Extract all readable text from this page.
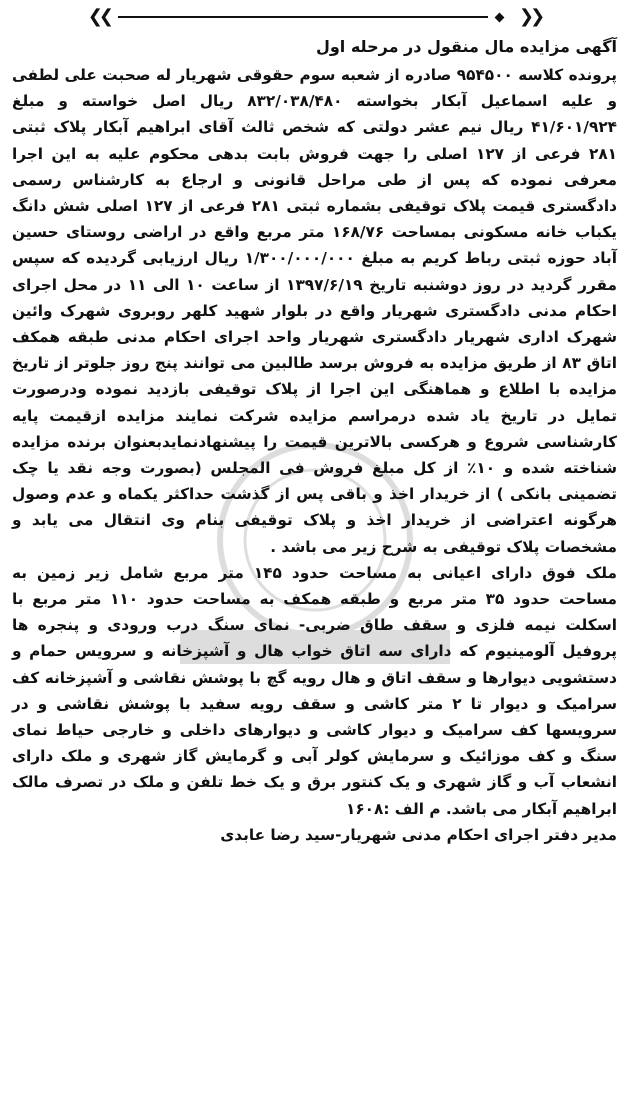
❮❮	❯❯

آگهی مزایده مال منقول در مرحله اول

پرونده کلاسه ۹۵۴۵۰۰ صادره از شعبه سوم حقوقی شهریار له صحبت علی لطفی و علیه اسماعیل آبکار بخواسته ۸۳۲/۰۳۸/۴۸۰ ریال اصل خواسته و مبلغ ۴۱/۶۰۱/۹۲۴ ریال نیم عشر دولتی که شخص ثالث آقای ابراهیم آبکار پلاک ثبتی ۲۸۱ فرعی از ۱۲۷ اصلی را جهت فروش بابت بدهی محکوم علیه به این اجرا معرفی نموده که پس از طی مراحل قانونی و ارجاع به کارشناس رسمی دادگستری قیمت پلاک توقیفی بشماره ثبتی ۲۸۱ فرعی از ۱۲۷ اصلی شش دانگ یکباب خانه مسکونی بمساحت ۱۶۸/۷۶ متر مربع واقع در اراضی روستای حسین آباد حوزه ثبتی رباط کریم به مبلغ ۱/۳۰۰/۰۰۰/۰۰۰ ریال ارزیابی گردیده که سپس مقرر گردید در روز دوشنبه تاریخ ۱۳۹۷/۶/۱۹ از ساعت ۱۰ الی ۱۱ در محل اجرای احکام مدنی دادگستری شهریار واقع در بلوار شهید کلهر روبروی شهرک وائین شهرک اداری شهریار دادگستری شهریار واحد اجرای احکام مدنی طبقه همکف اتاق ۸۳ از طریق مزایده به فروش برسد طالبین می توانند پنج روز جلوتر از تاریخ مزایده با اطلاع و هماهنگی این اجرا از پلاک توقیفی بازدید نموده ودرصورت تمایل در تاریخ یاد شده درمراسم مزایده شرکت نمایند مزایده ازقیمت پایه کارشناسی شروع و هرکسی بالاترین قیمت را پیشنهادنمایدبعنوان برنده مزایده شناخته شده و ۱۰٪ از کل مبلغ فروش فی المجلس (بصورت وجه نقد یا چک تضمینی بانکی ) از خریدار اخذ و باقی پس از گذشت حداکثر یکماه و عدم وصول هرگونه اعتراضی از خریدار اخذ و پلاک توقیفی بنام وی انتقال می یابد و مشخصات پلاک توقیفی به شرح زیر می باشد .

ملک فوق دارای اعیانی به مساحت حدود ۱۴۵ متر مربع شامل زیر زمین به مساحت حدود ۳۵ متر مربع و طبقه همکف به مساحت حدود ۱۱۰ متر مربع با اسکلت نیمه فلزی و سقف طاق ضربی- نمای سنگ درب ورودی و پنجره ها پروفیل آلومینیوم که دارای سه اتاق خواب هال و آشپزخانه و سرویس حمام و دستشویی دیوارها و سقف اتاق و هال رویه گچ با پوشش نقاشی و آشپزخانه کف سرامیک و دیوار تا ۲ متر کاشی و سقف رویه سفید با پوشش نقاشی و در سرویسها کف سرامیک و دیوار کاشی و دیوارهای داخلی و خارجی حیاط نمای سنگ و کف موزائیک و سرمایش کولر آبی و گرمایش گاز شهری و ملک دارای انشعاب آب و گاز شهری و یک کنتور برق و یک خط تلفن و ملک در تصرف مالک ابراهیم آبکار می باشد. م الف :۱۶۰۸

مدیر دفتر اجرای احکام مدنی شهریار-سید رضا عابدی
